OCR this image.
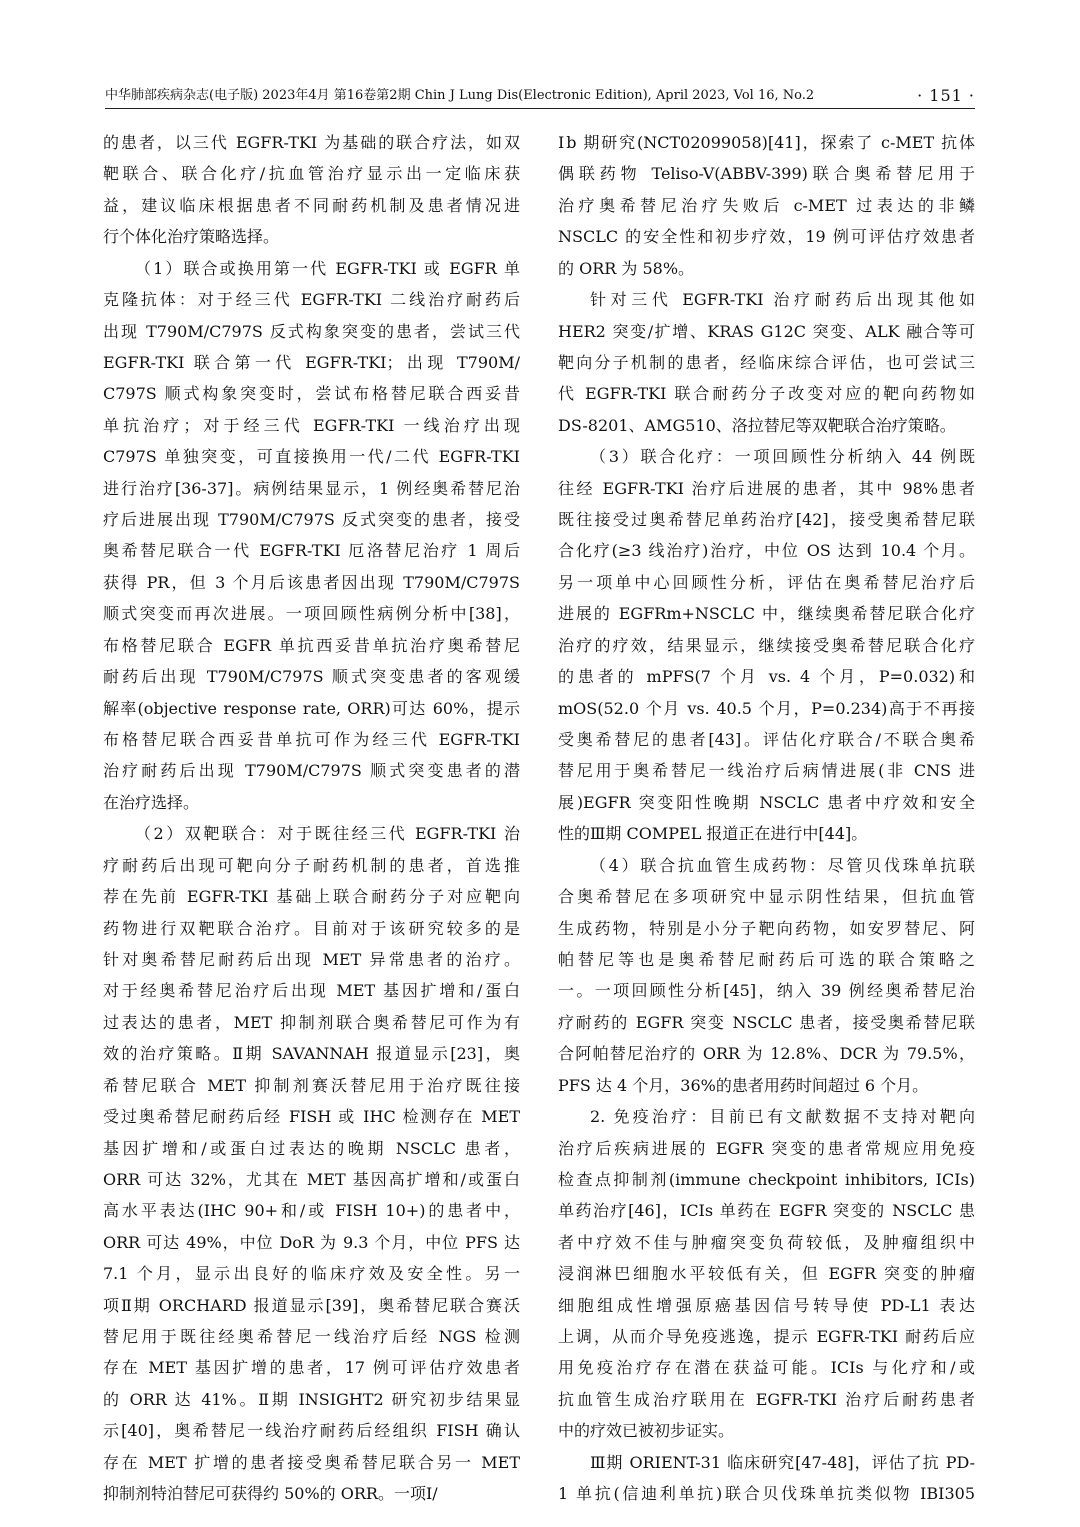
中华肺部疾病杂志(电子版) 2023年4月 第16卷第2期 Chin J Lung Dis(Electronic Edition), April 2023, Vol 16, No.2	· 151 ·
的患者，以三代 EGFR-TKI 为基础的联合疗法，如双
靶联合、联合化疗/抗血管治疗显示出一定临床获
益，建议临床根据患者不同耐药机制及患者情况进
行个体化治疗策略选择。
（1）联合或换用第一代 EGFR-TKI 或 EGFR 单
克隆抗体：对于经三代 EGFR-TKI 二线治疗耐药后
出现 T790M/C797S 反式构象突变的患者，尝试三代
EGFR-TKI 联合第一代 EGFR-TKI；出现 T790M/
C797S 顺式构象突变时，尝试布格替尼联合西妥昔
单抗治疗；对于经三代 EGFR-TKI 一线治疗出现
C797S 单独突变，可直接换用一代/二代 EGFR-TKI
进行治疗[36-37]。病例结果显示，1 例经奥希替尼治
疗后进展出现 T790M/C797S 反式突变的患者，接受
奥希替尼联合一代 EGFR-TKI 厄洛替尼治疗 1 周后
获得 PR，但 3 个月后该患者因出现 T790M/C797S
顺式突变而再次进展。一项回顾性病例分析中[38]，
布格替尼联合 EGFR 单抗西妥昔单抗治疗奥希替尼
耐药后出现 T790M/C797S 顺式突变患者的客观缓
解率(objective response rate, ORR)可达 60%，提示
布格替尼联合西妥昔单抗可作为经三代 EGFR-TKI
治疗耐药后出现 T790M/C797S 顺式突变患者的潜
在治疗选择。
（2）双靶联合：对于既往经三代 EGFR-TKI 治
疗耐药后出现可靶向分子耐药机制的患者，首选推
荐在先前 EGFR-TKI 基础上联合耐药分子对应靶向
药物进行双靶联合治疗。目前对于该研究较多的是
针对奥希替尼耐药后出现 MET 异常患者的治疗。
对于经奥希替尼治疗后出现 MET 基因扩增和/蛋白
过表达的患者，MET 抑制剂联合奥希替尼可作为有
效的治疗策略。Ⅱ期 SAVANNAH 报道显示[23]，奥
希替尼联合 MET 抑制剂赛沃替尼用于治疗既往接
受过奥希替尼耐药后经 FISH 或 IHC 检测存在 MET
基因扩增和/或蛋白过表达的晚期 NSCLC 患者，
ORR 可达 32%，尤其在 MET 基因高扩增和/或蛋白
高水平表达(IHC 90+和/或 FISH 10+)的患者中，
ORR 可达 49%，中位 DoR 为 9.3 个月，中位 PFS 达
7.1 个月，显示出良好的临床疗效及安全性。另一
项Ⅱ期 ORCHARD 报道显示[39]，奥希替尼联合赛沃
替尼用于既往经奥希替尼一线治疗后经 NGS 检测
存在 MET 基因扩增的患者，17 例可评估疗效患者
的 ORR 达 41%。Ⅱ期 INSIGHT2 研究初步结果显
示[40]，奥希替尼一线治疗耐药后经组织 FISH 确认
存在 MET 扩增的患者接受奥希替尼联合另一 MET
抑制剂特泊替尼可获得约 50%的 ORR。一项Ⅰ/
Ⅰb 期研究(NCT02099058)[41]，探索了 c-MET 抗体
偶联药物 Teliso-V(ABBV-399)联合奥希替尼用于
治疗奥希替尼治疗失败后 c-MET 过表达的非鳞
NSCLC 的安全性和初步疗效，19 例可评估疗效患者
的 ORR 为 58%。
针对三代 EGFR-TKI 治疗耐药后出现其他如
HER2 突变/扩增、KRAS G12C 突变、ALK 融合等可
靶向分子机制的患者，经临床综合评估，也可尝试三
代 EGFR-TKI 联合耐药分子改变对应的靶向药物如
DS-8201、AMG510、洛拉替尼等双靶联合治疗策略。
（3）联合化疗：一项回顾性分析纳入 44 例既
往经 EGFR-TKI 治疗后进展的患者，其中 98%患者
既往接受过奥希替尼单药治疗[42]，接受奥希替尼联
合化疗(≥3 线治疗)治疗，中位 OS 达到 10.4 个月。
另一项单中心回顾性分析，评估在奥希替尼治疗后
进展的 EGFRm+NSCLC 中，继续奥希替尼联合化疗
治疗的疗效，结果显示，继续接受奥希替尼联合化疗
的患者的 mPFS(7 个月 vs. 4 个月，P=0.032)和
mOS(52.0 个月 vs. 40.5 个月，P=0.234)高于不再接
受奥希替尼的患者[43]。评估化疗联合/不联合奥希
替尼用于奥希替尼一线治疗后病情进展(非 CNS 进
展)EGFR 突变阳性晚期 NSCLC 患者中疗效和安全
性的Ⅲ期 COMPEL 报道正在进行中[44]。
（4）联合抗血管生成药物：尽管贝伐珠单抗联
合奥希替尼在多项研究中显示阴性结果，但抗血管
生成药物，特别是小分子靶向药物，如安罗替尼、阿
帕替尼等也是奥希替尼耐药后可选的联合策略之
一。一项回顾性分析[45]，纳入 39 例经奥希替尼治
疗耐药的 EGFR 突变 NSCLC 患者，接受奥希替尼联
合阿帕替尼治疗的 ORR 为 12.8%、DCR 为 79.5%，
PFS 达 4 个月，36%的患者用药时间超过 6 个月。
2. 免疫治疗：目前已有文献数据不支持对靶向
治疗后疾病进展的 EGFR 突变的患者常规应用免疫
检查点抑制剂(immune checkpoint inhibitors, ICIs)
单药治疗[46]，ICIs 单药在 EGFR 突变的 NSCLC 患
者中疗效不佳与肿瘤突变负荷较低，及肿瘤组织中
浸润淋巴细胞水平较低有关，但 EGFR 突变的肿瘤
细胞组成性增强原癌基因信号转导使 PD-L1 表达
上调，从而介导免疫逃逸，提示 EGFR-TKI 耐药后应
用免疫治疗存在潜在获益可能。ICIs 与化疗和/或
抗血管生成治疗联用在 EGFR-TKI 治疗后耐药患者
中的疗效已被初步证实。
Ⅲ期 ORIENT-31 临床研究[47-48]，评估了抗 PD-
1 单抗(信迪利单抗)联合贝伐珠单抗类似物 IBI305
